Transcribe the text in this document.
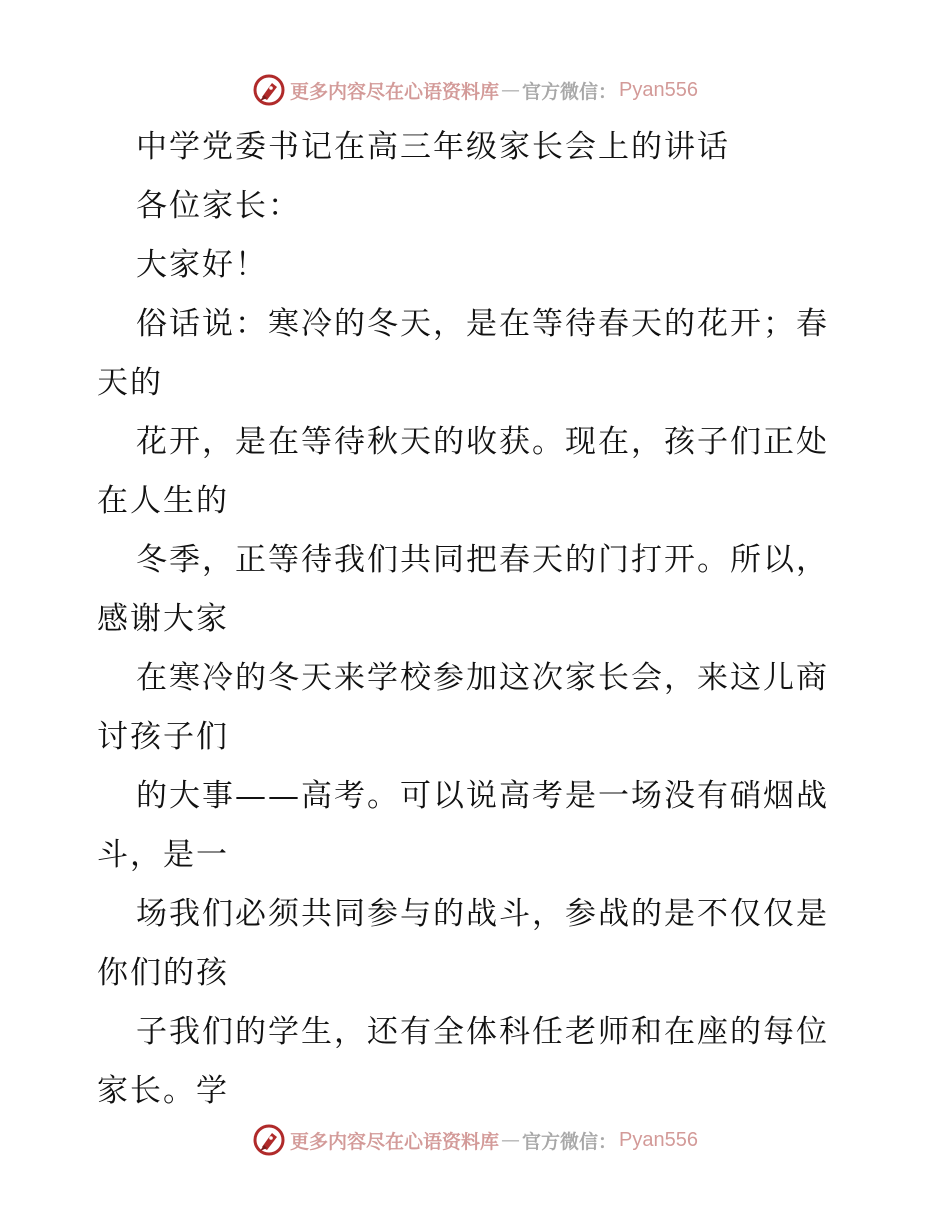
更多内容尽在心语资料库 — 官方微信： Pyan556
中学党委书记在高三年级家长会上的讲话
各位家长：
大家好！
俗话说：寒冷的冬天，是在等待春天的花开；春
天的
花开，是在等待秋天的收获。现在，孩子们正处
在人生的
冬季，正等待我们共同把春天的门打开。所以，
感谢大家
在寒冷的冬天来学校参加这次家长会，来这儿商
讨孩子们
的大事——高考。可以说高考是一场没有硝烟战
斗，是一
场我们必须共同参与的战斗，参战的是不仅仅是
你们的孩
子我们的学生，还有全体科任老师和在座的每位
家长。学
更多内容尽在心语资料库 — 官方微信： Pyan556
